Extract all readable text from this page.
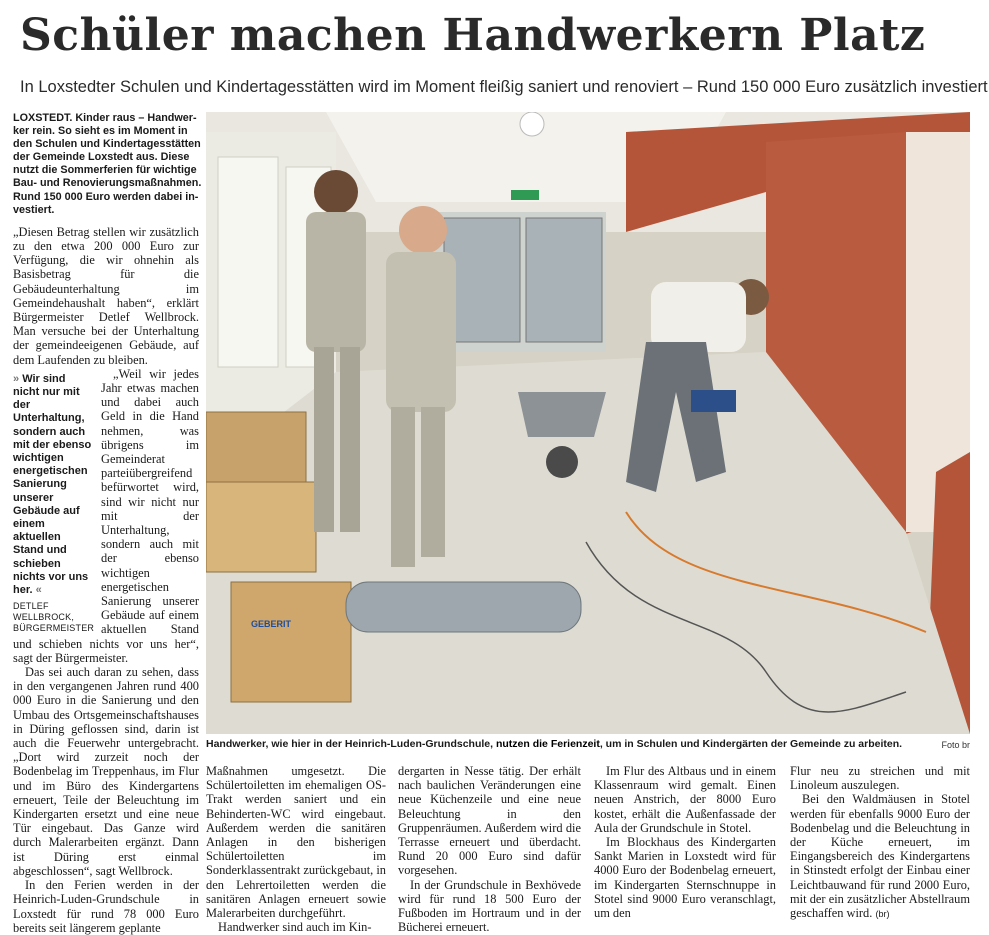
Schüler machen Handwerkern Platz

In Loxstedter Schulen und Kindertagesstätten wird im Moment fleißig saniert und renoviert – Rund 150 000 Euro zusätzlich investiert

LOXSTEDT. Kinder raus – Handwer-
ker rein. So sieht es im Moment in
den Schulen und Kindertagesstätten
der Gemeinde Loxstedt aus. Diese
nutzt die Sommerferien für wichtige
Bau- und Renovierungsmaßnahmen.
Rund 150 000 Euro werden dabei in-
vestiert.

„Diesen Betrag stellen wir zusätzlich zu den etwa 200 000 Euro zur Verfügung, die wir ohnehin als Basisbetrag für die Gebäudeunterhaltung im Gemeindehaushalt haben“, erklärt Bürgermeister Detlef Wellbrock. Man versuche bei der Unterhaltung der gemeindeeigenen Gebäude, auf dem Laufenden zu bleiben.

» Wir sind nicht nur mit der Unterhaltung, sondern auch mit der ebenso wichtigen energetischen Sanierung unserer Gebäude auf einem aktuellen Stand und schieben nichts vor uns her. «
DETLEF WELLBROCK,
BÜRGERMEISTER

„Weil wir jedes Jahr etwas machen und dabei auch Geld in die Hand nehmen, was übrigens im Gemeinderat parteiübergreifend befürwortet wird, sind wir nicht nur mit der Unterhaltung, sondern auch mit der ebenso wichtigen energetischen Sanierung unserer Gebäude auf einem aktuellen Stand und schieben nichts vor uns her“, sagt der Bürgermeister.

Das sei auch daran zu sehen, dass in den vergangenen Jahren rund 400 000 Euro in die Sanierung und den Umbau des Ortsgemeinschaftshauses in Düring geflossen sind, darin ist auch die Feuerwehr untergebracht. „Dort wird zurzeit noch der Bodenbelag im Treppenhaus, im Flur und im Büro des Kindergartens erneuert, Teile der Beleuchtung im Kindergarten ersetzt und eine neue Tür eingebaut. Das Ganze wird durch Malerarbeiten ergänzt. Dann ist Düring erst einmal abgeschlossen“, sagt Wellbrock.

In den Ferien werden in der Heinrich-Luden-Grundschule in Loxstedt für rund 78 000 Euro bereits seit längerem geplante

GEBERIT
Handwerker, wie hier in der Heinrich-Luden-Grundschule, nutzen die Ferienzeit, um in Schulen und Kindergärten der Gemeinde zu arbeiten.	Foto br

Maßnahmen umgesetzt. Die Schülertoiletten im ehemaligen OS-Trakt werden saniert und ein Behinderten-WC wird eingebaut. Außerdem werden die sanitären Anlagen in den bisherigen Schülertoiletten im Sonderklassentrakt zurückgebaut, in den Lehrertoiletten werden die sanitären Anlagen erneuert sowie Malerarbeiten durchgeführt.

Handwerker sind auch im Kin-

dergarten in Nesse tätig. Der erhält nach baulichen Veränderungen eine neue Küchenzeile und eine neue Beleuchtung in den Gruppenräumen. Außerdem wird die Terrasse erneuert und überdacht. Rund 20 000 Euro sind dafür vorgesehen.

In der Grundschule in Bexhövede wird für rund 18 500 Euro der Fußboden im Hortraum und in der Bücherei erneuert.

Im Flur des Altbaus und in einem Klassenraum wird gemalt. Einen neuen Anstrich, der 8000 Euro kostet, erhält die Außenfassade der Aula der Grundschule in Stotel.

Im Blockhaus des Kindergarten Sankt Marien in Loxstedt wird für 4000 Euro der Bodenbelag erneuert, im Kindergarten Sternschnuppe in Stotel sind 9000 Euro veranschlagt, um den

Flur neu zu streichen und mit Linoleum auszulegen.

Bei den Waldmäusen in Stotel werden für ebenfalls 9000 Euro der Bodenbelag und die Beleuchtung in der Küche erneuert, im Eingangsbereich des Kindergartens in Stinstedt erfolgt der Einbau einer Leichtbauwand für rund 2000 Euro, mit der ein zusätzlicher Abstellraum geschaffen wird. (br)
